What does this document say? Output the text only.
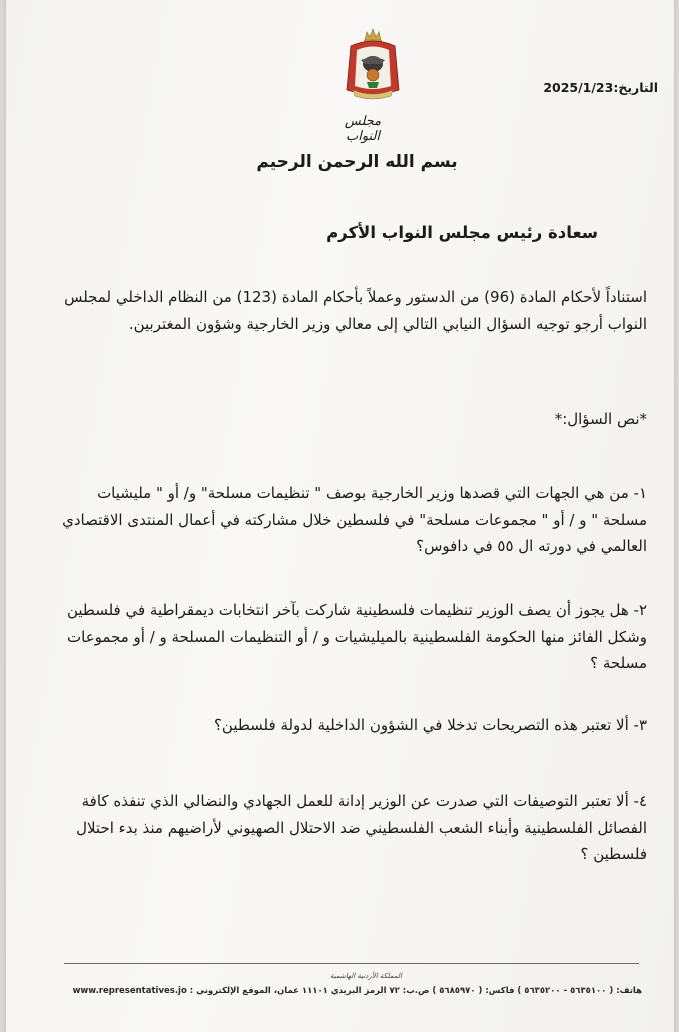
التاريخ:2025/1/23
مجلس النواب
بسم الله الرحمن الرحيم
سعادة رئيس مجلس النواب الأكرم

استناداً لأحكام المادة (96) من الدستور وعملاً بأحكام المادة (123) من النظام الداخلي لمجلس النواب أرجو توجيه السؤال النيابي التالي إلى معالي وزير الخارجية وشؤون المغتربين.

*نص السؤال:*

١- من هي الجهات التي قصدها وزير الخارجية بوصف " تنظيمات مسلحة" و/ أو " مليشيات مسلحة " و / أو " مجموعات مسلحة" في فلسطين خلال مشاركته في أعمال المنتدى الاقتصادي العالمي في دورته ال ٥٥ في دافوس؟

٢- هل يجوز أن يصف الوزير تنظيمات فلسطينية شاركت بآخر انتخابات ديمقراطية في فلسطين وشكل الفائز منها الحكومة الفلسطينية بالميليشيات و / أو التنظيمات المسلحة و / أو مجموعات مسلحة ؟

٣- ألا تعتبر هذه التصريحات تدخلا في الشؤون الداخلية لدولة فلسطين؟

٤- ألا تعتبر التوصيفات التي صدرت عن الوزير إدانة للعمل الجهادي والنضالي الذي تنفذه كافة الفصائل الفلسطينية وأبناء الشعب الفلسطيني ضد الاحتلال الصهيوني لأراضيهم منذ بدء احتلال فلسطين ؟

المملكة الأردنية الهاشمية
هاتف: ( ٥٦٣٥١٠٠ - ٥٦٣٥٢٠٠ ) فاكس: ( ٥٦٨٥٩٧٠ ) ص.ب: ٧٢ الرمز البريدي ١١١٠١ عمان، الموقع الإلكتروني : www.representatives.jo
